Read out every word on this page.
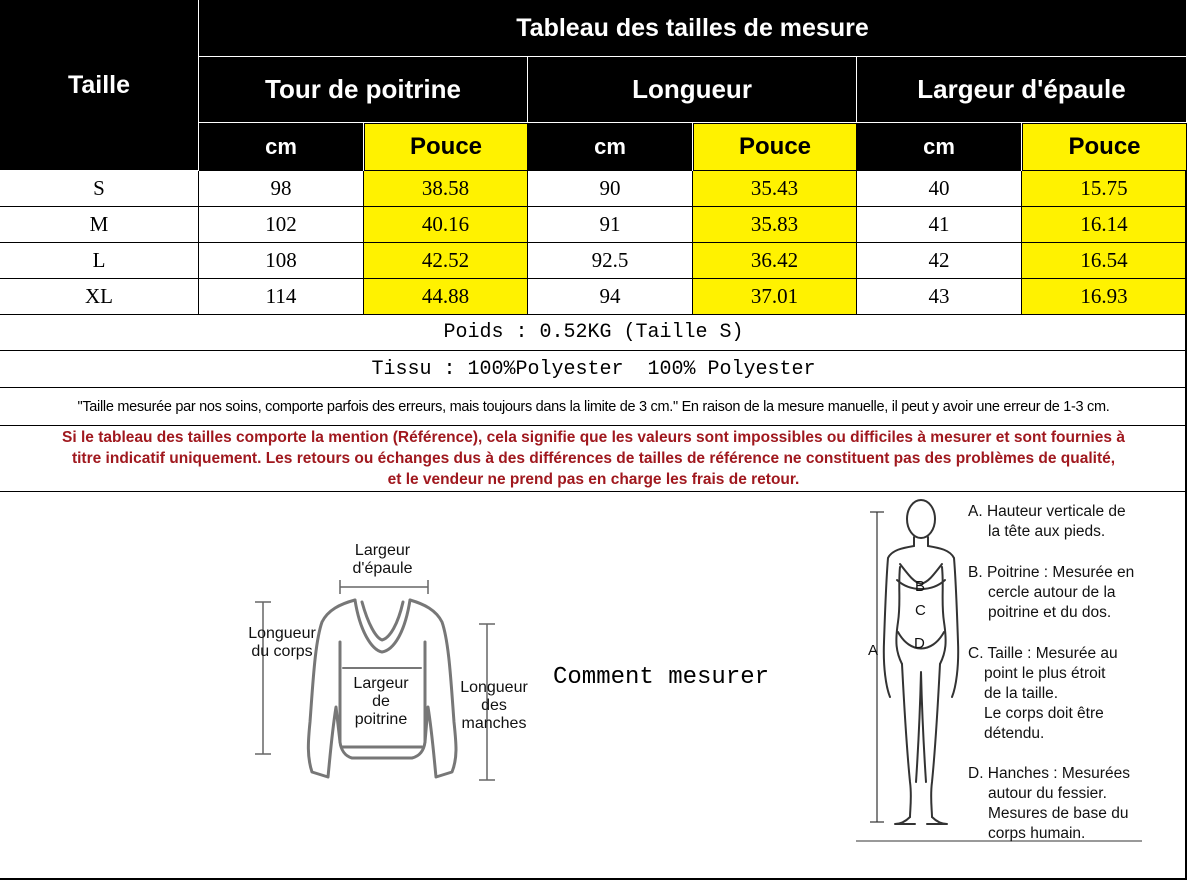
Taille
Tableau des tailles de mesure
Tour de poitrine	Longueur	Largeur d'épaule
cm	Pouce	cm	Pouce	cm	Pouce
S	98	38.58	90	35.43	40	15.75
M	102	40.16	91	35.83	41	16.14
L	108	42.52	92.5	36.42	42	16.54
XL	114	44.88	94	37.01	43	16.93
Poids : 0.52KG (Taille S)
Tissu : 100%Polyester  100% Polyester
"Taille mesurée par nos soins, comporte parfois des erreurs, mais toujours dans la limite de 3 cm." En raison de la mesure manuelle, il peut y avoir une erreur de 1-3 cm.
Si le tableau des tailles comporte la mention (Référence), cela signifie que les valeurs sont impossibles ou difficiles à mesurer et sont fournies à
titre indicatif uniquement. Les retours ou échanges dus à des différences de tailles de référence ne constituent pas des problèmes de qualité,
et le vendeur ne prend pas en charge les frais de retour.
Largeur
d'épaule
Longueur
du corps
Largeur
de
poitrine
Longueur
des
manches
Comment mesurer
A
B
C
D
A. Hauteur verticale de
la tête aux pieds.
B. Poitrine : Mesurée en
cercle autour de la
poitrine et du dos.
C. Taille : Mesurée au
point le plus étroit
de la taille.
Le corps doit être
détendu.
D. Hanches : Mesurées
autour du fessier.
Mesures de base du
corps humain.
